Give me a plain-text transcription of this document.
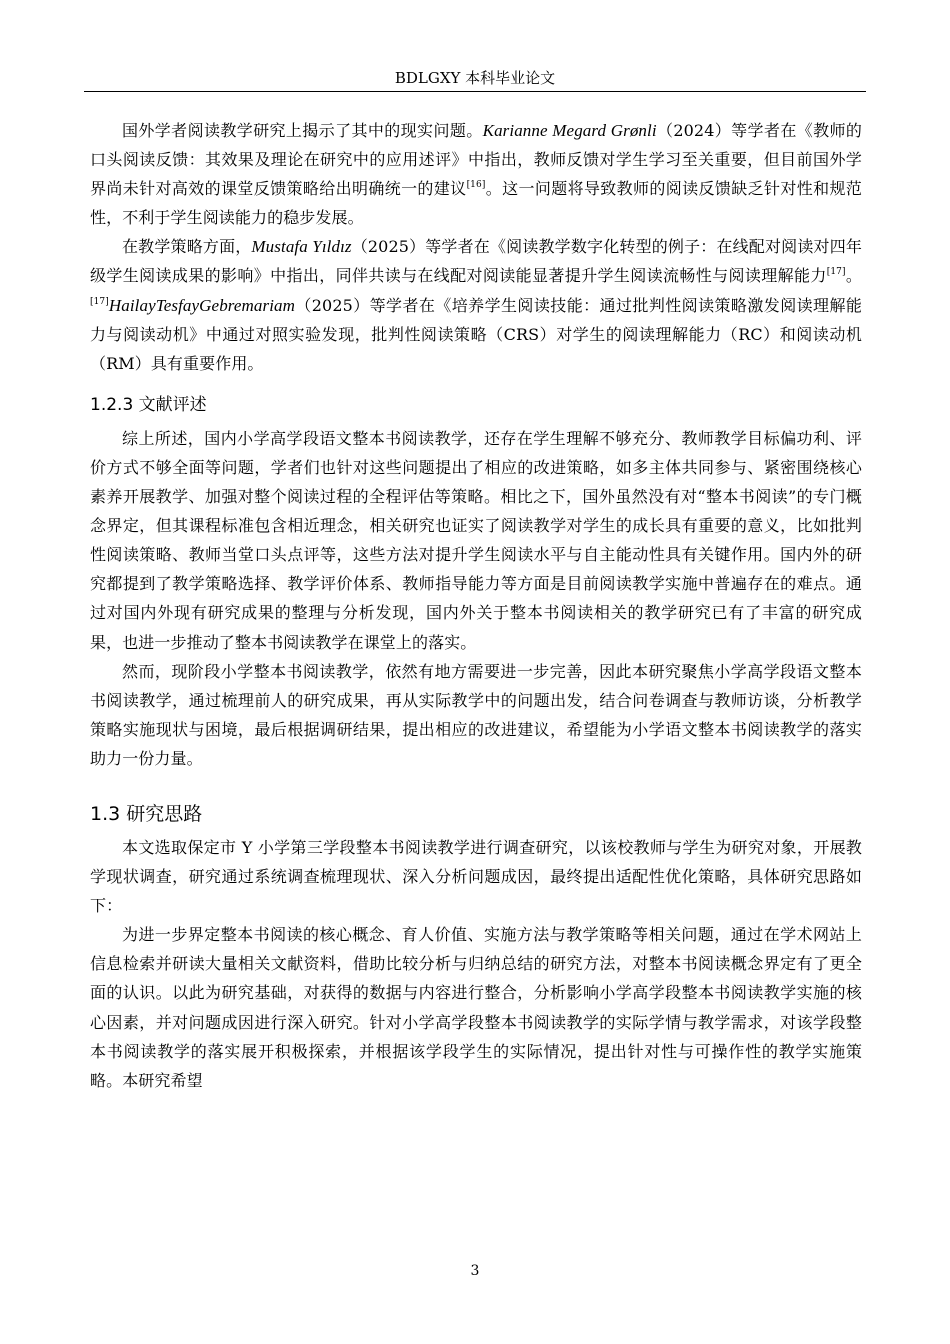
BDLGXY 本科毕业论文

国外学者阅读教学研究上揭示了其中的现实问题。Karianne Megard Grønli（2024）等学者在《教师的口头阅读反馈：其效果及理论在研究中的应用述评》中指出，教师反馈对学生学习至关重要，但目前国外学界尚未针对高效的课堂反馈策略给出明确统一的建议[16]。这一问题将导致教师的阅读反馈缺乏针对性和规范性，不利于学生阅读能力的稳步发展。

在教学策略方面，Mustafa Yıldız（2025）等学者在《阅读教学数字化转型的例子：在线配对阅读对四年级学生阅读成果的影响》中指出，同伴共读与在线配对阅读能显著提升学生阅读流畅性与阅读理解能力[17]。[17]HailayTesfayGebremariam（2025）等学者在《培养学生阅读技能：通过批判性阅读策略激发阅读理解能力与阅读动机》中通过对照实验发现，批判性阅读策略（CRS）对学生的阅读理解能力（RC）和阅读动机（RM）具有重要作用。

1.2.3 文献评述

综上所述，国内小学高学段语文整本书阅读教学，还存在学生理解不够充分、教师教学目标偏功利、评价方式不够全面等问题，学者们也针对这些问题提出了相应的改进策略，如多主体共同参与、紧密围绕核心素养开展教学、加强对整个阅读过程的全程评估等策略。相比之下，国外虽然没有对“整本书阅读”的专门概念界定，但其课程标准包含相近理念，相关研究也证实了阅读教学对学生的成长具有重要的意义，比如批判性阅读策略、教师当堂口头点评等，这些方法对提升学生阅读水平与自主能动性具有关键作用。国内外的研究都提到了教学策略选择、教学评价体系、教师指导能力等方面是目前阅读教学实施中普遍存在的难点。通过对国内外现有研究成果的整理与分析发现，国内外关于整本书阅读相关的教学研究已有了丰富的研究成果，也进一步推动了整本书阅读教学在课堂上的落实。

然而，现阶段小学整本书阅读教学，依然有地方需要进一步完善，因此本研究聚焦小学高学段语文整本书阅读教学，通过梳理前人的研究成果，再从实际教学中的问题出发，结合问卷调查与教师访谈，分析教学策略实施现状与困境，最后根据调研结果，提出相应的改进建议，希望能为小学语文整本书阅读教学的落实助力一份力量。

1.3 研究思路

本文选取保定市 Y 小学第三学段整本书阅读教学进行调查研究，以该校教师与学生为研究对象，开展教学现状调查，研究通过系统调查梳理现状、深入分析问题成因，最终提出适配性优化策略，具体研究思路如下：

为进一步界定整本书阅读的核心概念、育人价值、实施方法与教学策略等相关问题，通过在学术网站上信息检索并研读大量相关文献资料，借助比较分析与归纳总结的研究方法，对整本书阅读概念界定有了更全面的认识。以此为研究基础，对获得的数据与内容进行整合，分析影响小学高学段整本书阅读教学实施的核心因素，并对问题成因进行深入研究。针对小学高学段整本书阅读教学的实际学情与教学需求，对该学段整本书阅读教学的落实展开积极探索，并根据该学段学生的实际情况，提出针对性与可操作性的教学实施策略。本研究希望

3
